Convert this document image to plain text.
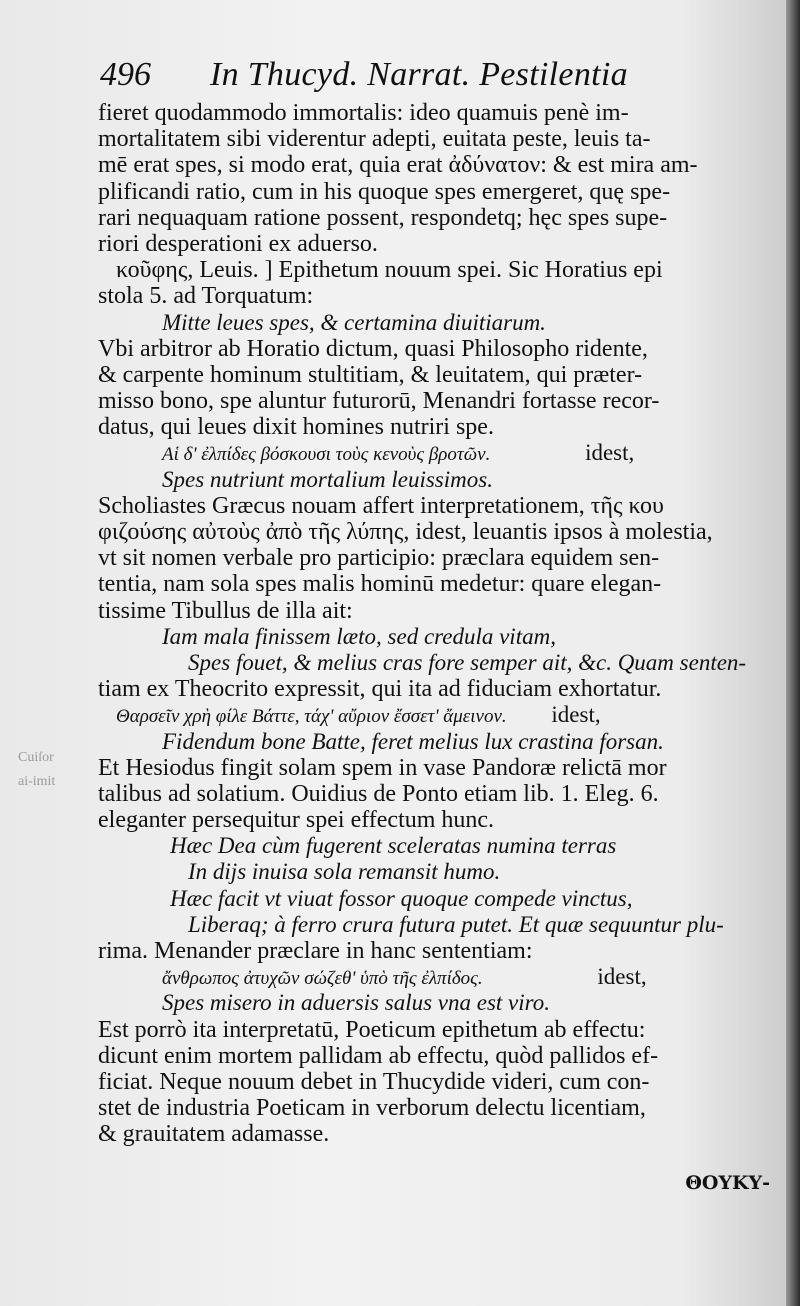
496 In Thucyd. Narrat. Pestilentia
Cuiſor
ai-imit
fieret quodammodo immortalis: ideo quamuis penè im-
mortalitatem sibi viderentur adepti, euitata peste, leuis ta-
mē erat spes, si modo erat, quia erat ἀδύνατον: & est mira am-
plificandi ratio, cum in his quoque spes emergeret, quę spe-
rari nequaquam ratione possent, respondetq; hęc spes supe-
riori desperationi ex aduerso.
κοῦφης, Leuis. ] Epithetum nouum spei. Sic Horatius epi
stola 5. ad Torquatum:
Mitte leues spes, & certamina diuitiarum.
Vbi arbitror ab Horatio dictum, quasi Philosopho ridente,
& carpente hominum stultitiam, & leuitatem, qui præter-
misso bono, spe aluntur futurorū, Menandri fortasse recor-
datus, qui leues dixit homines nutriri spe.
Αἱ δ' ἐλπίδες βόσκουσι τοὺς κενοὺς βροτῶν.	idest,
Spes nutriunt mortalium leuissimos.
Scholiastes Græcus nouam affert interpretationem, τῆς κου
φιζούσης αὐτοὺς ἀπὸ τῆς λύπης, idest, leuantis ipsos à molestia,
vt sit nomen verbale pro participio: præclara equidem sen-
tentia, nam sola spes malis hominū medetur: quare elegan-
tissime Tibullus de illa ait:
Iam mala finissem læto, sed credula vitam,
Spes fouet, & melius cras fore semper ait, &c. Quam senten-
tiam ex Theocrito expressit, qui ita ad fiduciam exhortatur.
Θαρσεῖν χρὴ φίλε Βάττε, τάχ' αὔριον ἔσσετ' ἄμεινον. idest,
Fidendum bone Batte, feret melius lux crastina forsan.
Et Hesiodus fingit solam spem in vase Pandoræ relictā mor
talibus ad solatium. Ouidius de Ponto etiam lib. 1. Eleg. 6.
eleganter persequitur spei effectum hunc.
Hæc Dea cùm fugerent sceleratas numina terras
In dijs inuisa sola remansit humo.
Hæc facit vt viuat fossor quoque compede vinctus,
Liberaq; à ferro crura futura putet. Et quæ sequuntur plu-
rima. Menander præclare in hanc sententiam:
ἄνθρωπος ἀτυχῶν σώζεθ' ὑπὸ τῆς ἐλπίδος.	idest,
Spes misero in aduersis salus vna est viro.
Est porrò ita interpretatū, Poeticum epithetum ab effectu:
dicunt enim mortem pallidam ab effectu, quòd pallidos ef-
ficiat. Neque nouum debet in Thucydide videri, cum con-
stet de industria Poeticam in verborum delectu licentiam,
& grauitatem adamasse.
ΘΟΥΚΥ-
